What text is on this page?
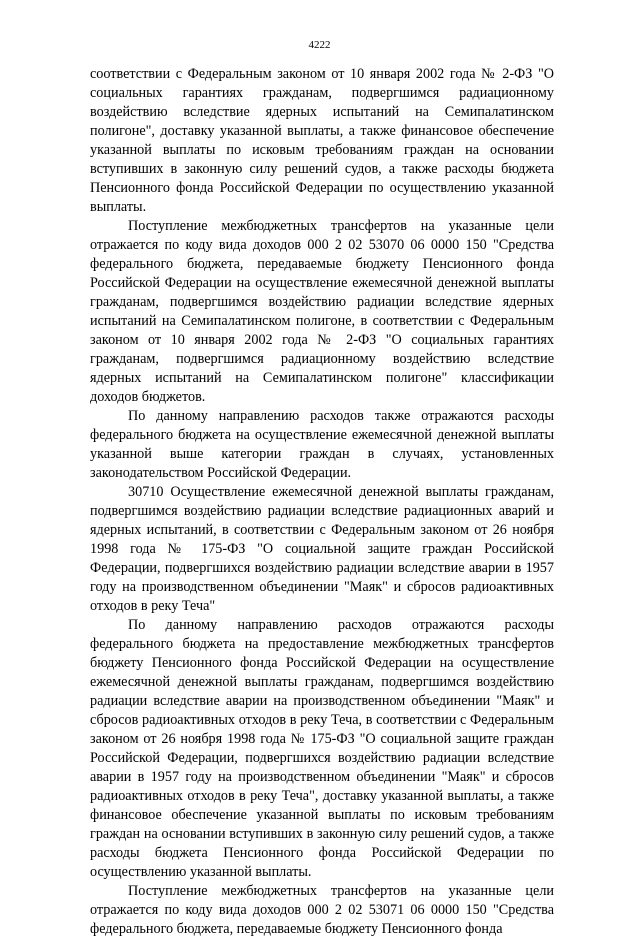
4222

соответствии с Федеральным законом от 10 января 2002 года № 2-ФЗ "О социальных гарантиях гражданам, подвергшимся радиационному воздействию вследствие ядерных испытаний на Семипалатинском полигоне", доставку указанной выплаты, а также финансовое обеспечение указанной выплаты по исковым требованиям граждан на основании вступивших в законную силу решений судов, а также расходы бюджета Пенсионного фонда Российской Федерации по осуществлению указанной выплаты.

Поступление межбюджетных трансфертов на указанные цели отражается по коду вида доходов 000 2 02 53070 06 0000 150 "Средства федерального бюджета, передаваемые бюджету Пенсионного фонда Российской Федерации на осуществление ежемесячной денежной выплаты гражданам, подвергшимся воздействию радиации вследствие ядерных испытаний на Семипалатинском полигоне, в соответствии с Федеральным законом от 10 января 2002 года № 2-ФЗ "О социальных гарантиях гражданам, подвергшимся радиационному воздействию вследствие ядерных испытаний на Семипалатинском полигоне" классификации доходов бюджетов.

По данному направлению расходов также отражаются расходы федерального бюджета на осуществление ежемесячной денежной выплаты указанной выше категории граждан в случаях, установленных законодательством Российской Федерации.

30710 Осуществление ежемесячной денежной выплаты гражданам, подвергшимся воздействию радиации вследствие радиационных аварий и ядерных испытаний, в соответствии с Федеральным законом от 26 ноября 1998 года № 175-ФЗ "О социальной защите граждан Российской Федерации, подвергшихся воздействию радиации вследствие аварии в 1957 году на производственном объединении "Маяк" и сбросов радиоактивных отходов в реку Теча"

По данному направлению расходов отражаются расходы федерального бюджета на предоставление межбюджетных трансфертов бюджету Пенсионного фонда Российской Федерации на осуществление ежемесячной денежной выплаты гражданам, подвергшимся воздействию радиации вследствие аварии на производственном объединении "Маяк" и сбросов радиоактивных отходов в реку Теча, в соответствии с Федеральным законом от 26 ноября 1998 года № 175-ФЗ "О социальной защите граждан Российской Федерации, подвергшихся воздействию радиации вследствие аварии в 1957 году на производственном объединении "Маяк" и сбросов радиоактивных отходов в реку Теча", доставку указанной выплаты, а также финансовое обеспечение указанной выплаты по исковым требованиям граждан на основании вступивших в законную силу решений судов, а также расходы бюджета Пенсионного фонда Российской Федерации по осуществлению указанной выплаты.

Поступление межбюджетных трансфертов на указанные цели отражается по коду вида доходов 000 2 02 53071 06 0000 150 "Средства федерального бюджета, передаваемые бюджету Пенсионного фонда
